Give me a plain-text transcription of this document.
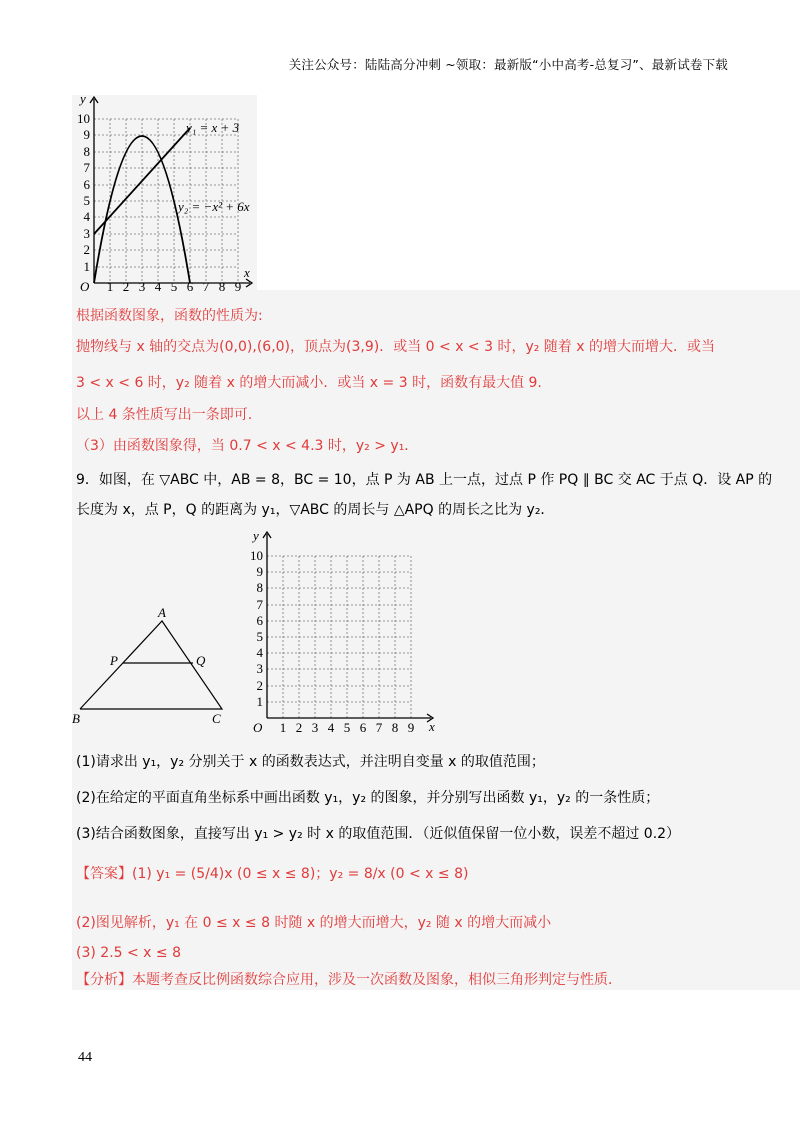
关注公众号：陆陆高分冲刺 ~领取：最新版“小中高考-总复习”、最新试卷下载
y
x
O 1 2 3 4 5 6 7 8 9
1
2
3
4
5
6
7
8
9
10
y₁ = x + 3
y₂ = −x² + 6x
根据函数图象，函数的性质为:
抛物线与 x 轴的交点为(0,0),(6,0)，顶点为(3,9)．或当 0 < x < 3 时，y₂ 随着 x 的增大而增大．或当
3 < x < 6 时，y₂ 随着 x 的增大而减小．或当 x = 3 时，函数有最大值 9.
以上 4 条性质写出一条即可.
（3）由函数图象得，当 0.7 < x < 4.3 时，y₂ > y₁．
9．如图，在 ▽ABC 中，AB = 8，BC = 10，点 P 为 AB 上一点，过点 P 作 PQ ∥ BC 交 AC 于点 Q．设 AP 的
长度为 x，点 P，Q 的距离为 y₁，▽ABC 的周长与 △APQ 的周长之比为 y₂．
A
B	C
P	Q
y
x
O 1 2 3 4 5 6 7 8 9
1
2
3
4
5
6
7
8
9
10
(1)请求出 y₁，y₂ 分别关于 x 的函数表达式，并注明自变量 x 的取值范围；
(2)在给定的平面直角坐标系中画出函数 y₁，y₂ 的图象，并分别写出函数 y₁，y₂ 的一条性质；
(3)结合函数图象，直接写出 y₁ > y₂ 时 x 的取值范围．（近似值保留一位小数，误差不超过 0.2）
【答案】(1) y₁ = (5/4)x (0 ≤ x ≤ 8)；y₂ = 8/x (0 < x ≤ 8)
(2)图见解析，y₁ 在 0 ≤ x ≤ 8 时随 x 的增大而增大，y₂ 随 x 的增大而减小
(3) 2.5 < x ≤ 8
【分析】本题考查反比例函数综合应用，涉及一次函数及图象，相似三角形判定与性质．
44
